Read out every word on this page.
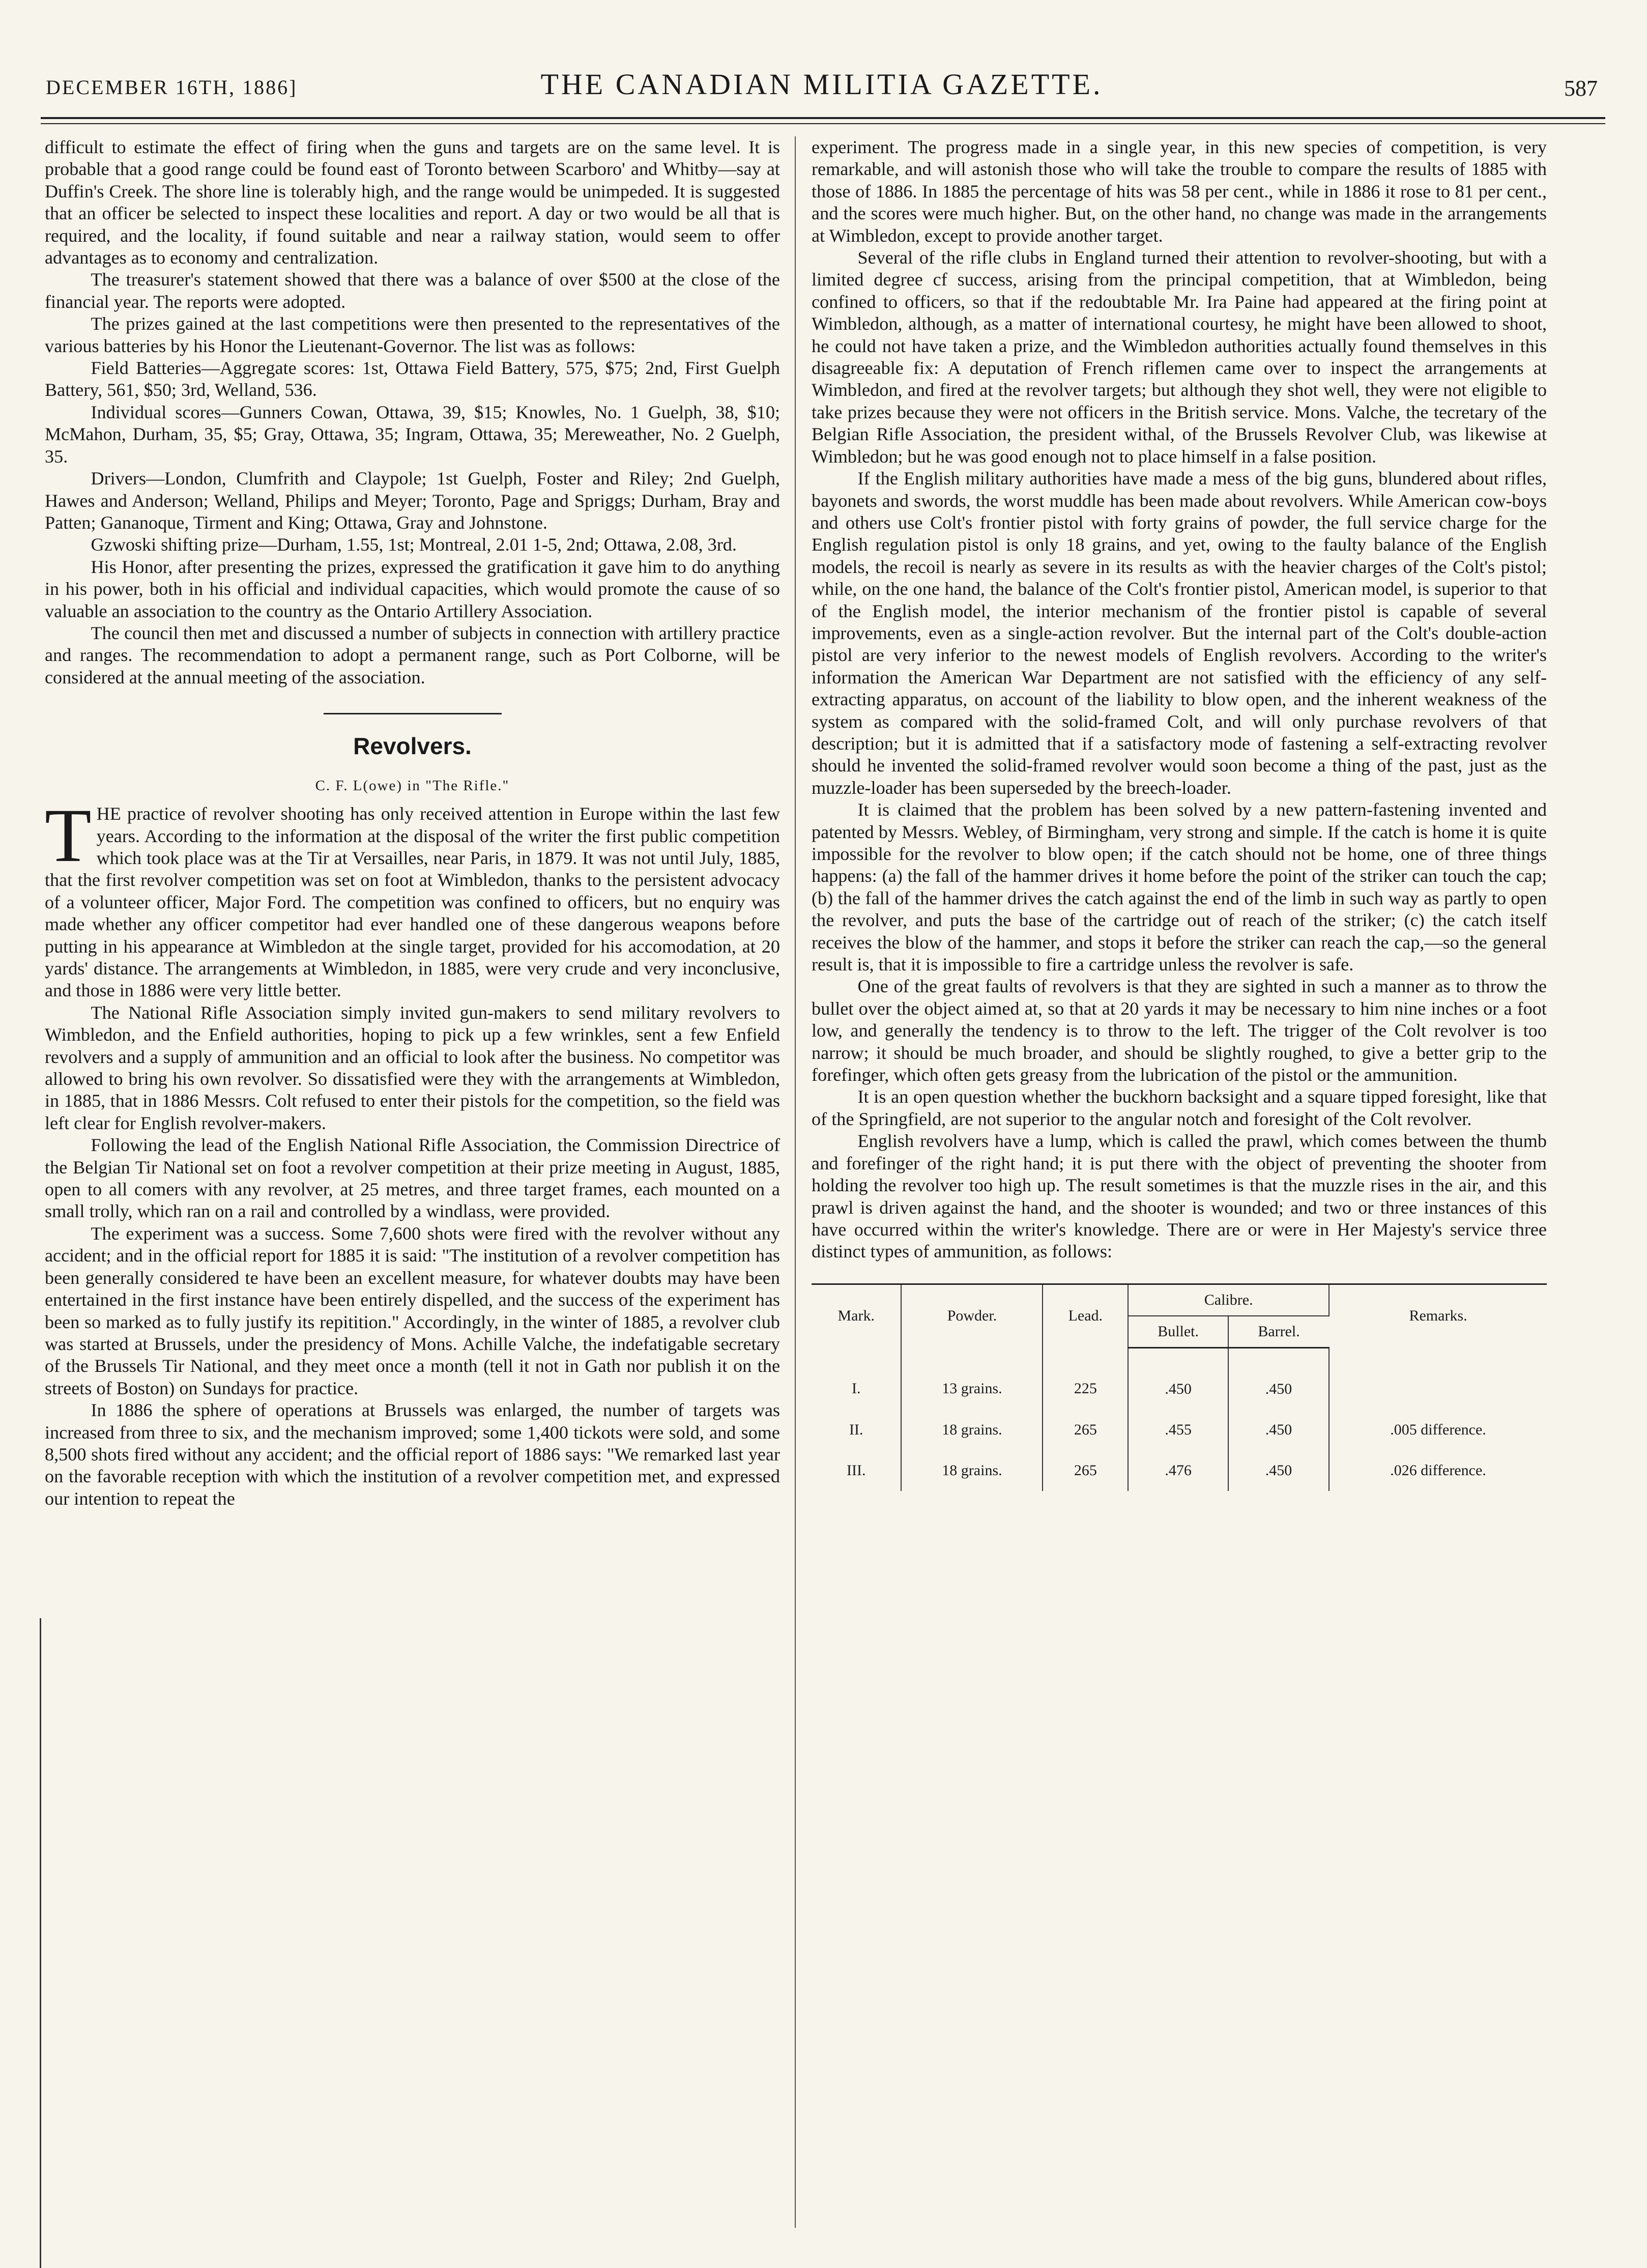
DECEMBER 16TH, 1886]	THE CANADIAN MILITIA GAZETTE.	587

difficult to estimate the effect of firing when the guns and targets are on the same level. It is probable that a good range could be found east of Toronto between Scarboro' and Whitby—say at Duffin's Creek. The shore line is tolerably high, and the range would be unimpeded. It is suggested that an officer be selected to inspect these localities and report. A day or two would be all that is required, and the locality, if found suitable and near a railway station, would seem to offer advantages as to economy and centralization.

The treasurer's statement showed that there was a balance of over $500 at the close of the financial year. The reports were adopted.

The prizes gained at the last competitions were then presented to the representatives of the various batteries by his Honor the Lieutenant-Governor. The list was as follows:

Field Batteries—Aggregate scores: 1st, Ottawa Field Battery, 575, $75; 2nd, First Guelph Battery, 561, $50; 3rd, Welland, 536.

Individual scores—Gunners Cowan, Ottawa, 39, $15; Knowles, No. 1 Guelph, 38, $10; McMahon, Durham, 35, $5; Gray, Ottawa, 35; Ingram, Ottawa, 35; Mereweather, No. 2 Guelph, 35.

Drivers—London, Clumfrith and Claypole; 1st Guelph, Foster and Riley; 2nd Guelph, Hawes and Anderson; Welland, Philips and Meyer; Toronto, Page and Spriggs; Durham, Bray and Patten; Gananoque, Tirment and King; Ottawa, Gray and Johnstone.

Gzwoski shifting prize—Durham, 1.55, 1st; Montreal, 2.01 1-5, 2nd; Ottawa, 2.08, 3rd.

His Honor, after presenting the prizes, expressed the gratification it gave him to do anything in his power, both in his official and individual capacities, which would promote the cause of so valuable an association to the country as the Ontario Artillery Association.

The council then met and discussed a number of subjects in connection with artillery practice and ranges. The recommendation to adopt a permanent range, such as Port Colborne, will be considered at the annual meeting of the association.

Revolvers.
C. F. L(owe) in "The Rifle."

THE practice of revolver shooting has only received attention in Europe within the last few years. According to the information at the disposal of the writer the first public competition which took place was at the Tir at Versailles, near Paris, in 1879. It was not until July, 1885, that the first revolver competition was set on foot at Wimbledon, thanks to the persistent advocacy of a volunteer officer, Major Ford. The competition was confined to officers, but no enquiry was made whether any officer competitor had ever handled one of these dangerous weapons before putting in his appearance at Wimbledon at the single target, provided for his accomodation, at 20 yards' distance. The arrangements at Wimbledon, in 1885, were very crude and very inconclusive, and those in 1886 were very little better.

The National Rifle Association simply invited gun-makers to send military revolvers to Wimbledon, and the Enfield authorities, hoping to pick up a few wrinkles, sent a few Enfield revolvers and a supply of ammunition and an official to look after the business. No competitor was allowed to bring his own revolver. So dissatisfied were they with the arrangements at Wimbledon, in 1885, that in 1886 Messrs. Colt refused to enter their pistols for the competition, so the field was left clear for English revolver-makers.

Following the lead of the English National Rifle Association, the Commission Directrice of the Belgian Tir National set on foot a revolver competition at their prize meeting in August, 1885, open to all comers with any revolver, at 25 metres, and three target frames, each mounted on a small trolly, which ran on a rail and controlled by a windlass, were provided.

The experiment was a success. Some 7,600 shots were fired with the revolver without any accident; and in the official report for 1885 it is said: "The institution of a revolver competition has been generally considered te have been an excellent measure, for whatever doubts may have been entertained in the first instance have been entirely dispelled, and the success of the experiment has been so marked as to fully justify its repitition." Accordingly, in the winter of 1885, a revolver club was started at Brussels, under the presidency of Mons. Achille Valche, the indefatigable secretary of the Brussels Tir National, and they meet once a month (tell it not in Gath nor publish it on the streets of Boston) on Sundays for practice.

In 1886 the sphere of operations at Brussels was enlarged, the number of targets was increased from three to six, and the mechanism improved; some 1,400 tickots were sold, and some 8,500 shots fired without any accident; and the official report of 1886 says: "We remarked last year on the favorable reception with which the institution of a revolver competition met, and expressed our intention to repeat the

experiment. The progress made in a single year, in this new species of competition, is very remarkable, and will astonish those who will take the trouble to compare the results of 1885 with those of 1886. In 1885 the percentage of hits was 58 per cent., while in 1886 it rose to 81 per cent., and the scores were much higher. But, on the other hand, no change was made in the arrangements at Wimbledon, except to provide another target.

Several of the rifle clubs in England turned their attention to revolver-shooting, but with a limited degree cf success, arising from the principal competition, that at Wimbledon, being confined to officers, so that if the redoubtable Mr. Ira Paine had appeared at the firing point at Wimbledon, although, as a matter of international courtesy, he might have been allowed to shoot, he could not have taken a prize, and the Wimbledon authorities actually found themselves in this disagreeable fix: A deputation of French riflemen came over to inspect the arrangements at Wimbledon, and fired at the revolver targets; but although they shot well, they were not eligible to take prizes because they were not officers in the British service. Mons. Valche, the tecretary of the Belgian Rifle Association, the president withal, of the Brussels Revolver Club, was likewise at Wimbledon; but he was good enough not to place himself in a false position.

If the English military authorities have made a mess of the big guns, blundered about rifles, bayonets and swords, the worst muddle has been made about revolvers. While American cow-boys and others use Colt's frontier pistol with forty grains of powder, the full service charge for the English regulation pistol is only 18 grains, and yet, owing to the faulty balance of the English models, the recoil is nearly as severe in its results as with the heavier charges of the Colt's pistol; while, on the one hand, the balance of the Colt's frontier pistol, American model, is superior to that of the English model, the interior mechanism of the frontier pistol is capable of several improvements, even as a single-action revolver. But the internal part of the Colt's double-action pistol are very inferior to the newest models of English revolvers. According to the writer's information the American War Department are not satisfied with the efficiency of any self-extracting apparatus, on account of the liability to blow open, and the inherent weakness of the system as compared with the solid-framed Colt, and will only purchase revolvers of that description; but it is admitted that if a satisfactory mode of fastening a self-extracting revolver should he invented the solid-framed revolver would soon become a thing of the past, just as the muzzle-loader has been superseded by the breech-loader.

It is claimed that the problem has been solved by a new pattern-fastening invented and patented by Messrs. Webley, of Birmingham, very strong and simple. If the catch is home it is quite impossible for the revolver to blow open; if the catch should not be home, one of three things happens: (a) the fall of the hammer drives it home before the point of the striker can touch the cap; (b) the fall of the hammer drives the catch against the end of the limb in such way as partly to open the revolver, and puts the base of the cartridge out of reach of the striker; (c) the catch itself receives the blow of the hammer, and stops it before the striker can reach the cap,—so the general result is, that it is impossible to fire a cartridge unless the revolver is safe.

One of the great faults of revolvers is that they are sighted in such a manner as to throw the bullet over the object aimed at, so that at 20 yards it may be necessary to him nine inches or a foot low, and generally the tendency is to throw to the left. The trigger of the Colt revolver is too narrow; it should be much broader, and should be slightly roughed, to give a better grip to the forefinger, which often gets greasy from the lubrication of the pistol or the ammunition.

It is an open question whether the buckhorn backsight and a square tipped foresight, like that of the Springfield, are not superior to the angular notch and foresight of the Colt revolver.

English revolvers have a lump, which is called the prawl, which comes between the thumb and forefinger of the right hand; it is put there with the object of preventing the shooter from holding the revolver too high up. The result sometimes is that the muzzle rises in the air, and this prawl is driven against the hand, and the shooter is wounded; and two or three instances of this have occurred within the writer's knowledge. There are or were in Her Majesty's service three distinct types of ammunition, as follows:

Mark.	Powder.	Lead.	Calibre.		Remarks.
			Bullet.	Barrel.	
I.	13 grains.	225	.450	.450	
II.	18 grains.	265	.455	.450	.005 difference.
III.	18 grains.	265	.476	.450	.026 difference.
